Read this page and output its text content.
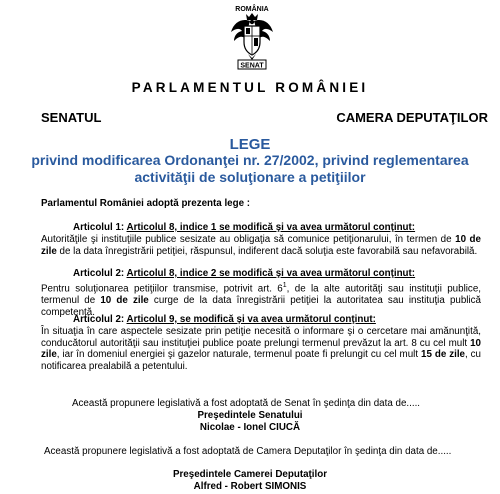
ROMÂNIA
SENAT
PARLAMENTUL ROMÂNIEI
SENATUL	CAMERA DEPUTAŢILOR
LEGE
privind modificarea Ordonanţei nr. 27/2002, privind reglementarea
activităţii de soluţionare a petiţiilor
Parlamentul României adoptă prezenta lege :
Articolul 1: Articolul 8, indice 1 se modifică şi va avea următorul conţinut:
Autorităţile şi instituţiile publice sesizate au obligaţia să comunice petiţionarului, în termen de 10 de zile de la data înregistrării petiţiei, răspunsul, indiferent dacă soluţia este favorabilă sau nefavorabilă.
Articolul 2: Articolul 8, indice 2 se modifică şi va avea următorul conţinut:
Pentru soluţionarea petiţiilor transmise, potrivit art. $6^1$, de la alte autorităţi sau instituţii publice, termenul de 10 de zile curge de la data înregistrării petiţiei la autoritatea sau instituţia publică competentă.
Articolul 2: Articolul 9, se modifică şi va avea următorul conţinut:
În situaţia în care aspectele sesizate prin petiţie necesită o informare şi o cercetare mai amănunţită, conducătorul autorităţii sau instituţiei publice poate prelungi termenul prevăzut la art. 8 cu cel mult 10 zile, iar în domeniul energiei şi gazelor naturale, termenul poate fi prelungit cu cel mult 15 de zile, cu notificarea prealabilă a petentului.
Această propunere legislativă a fost adoptată de Senat în şedinţa din data de.....
Preşedintele Senatului
Nicolae - Ionel CIUCĂ
Această propunere legislativă a fost adoptată de Camera Deputaţilor în şedinţa din data de.....
Preşedintele Camerei Deputaţilor
Alfred - Robert SIMONIS
